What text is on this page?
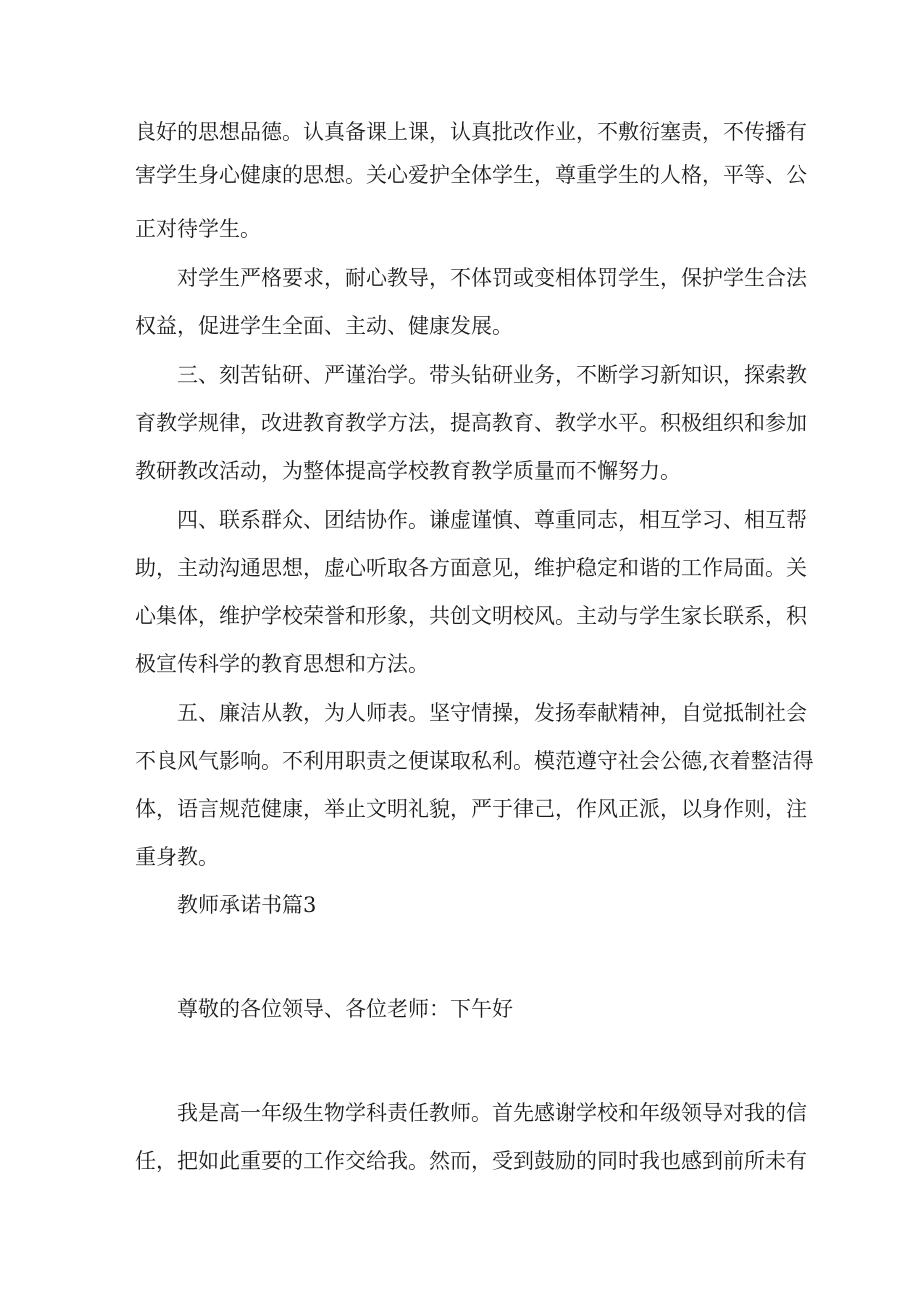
良好的思想品德。认真备课上课，认真批改作业，不敷衍塞责，不传播有
害学生身心健康的思想。关心爱护全体学生，尊重学生的人格，平等、公
正对待学生。
对学生严格要求，耐心教导，不体罚或变相体罚学生，保护学生合法
权益，促进学生全面、主动、健康发展。
三、刻苦钻研、严谨治学。带头钻研业务，不断学习新知识，探索教
育教学规律，改进教育教学方法，提高教育、教学水平。积极组织和参加
教研教改活动，为整体提高学校教育教学质量而不懈努力。
四、联系群众、团结协作。谦虚谨慎、尊重同志，相互学习、相互帮
助，主动沟通思想，虚心听取各方面意见，维护稳定和谐的工作局面。关
心集体，维护学校荣誉和形象，共创文明校风。主动与学生家长联系，积
极宣传科学的教育思想和方法。
五、廉洁从教，为人师表。坚守情操，发扬奉献精神，自觉抵制社会
不良风气影响。不利用职责之便谋取私利。模范遵守社会公德,衣着整洁得
体，语言规范健康，举止文明礼貌，严于律己，作风正派，以身作则，注
重身教。
教师承诺书篇3
尊敬的各位领导、各位老师：下午好
我是高一年级生物学科责任教师。首先感谢学校和年级领导对我的信
任，把如此重要的工作交给我。然而，受到鼓励的同时我也感到前所未有
